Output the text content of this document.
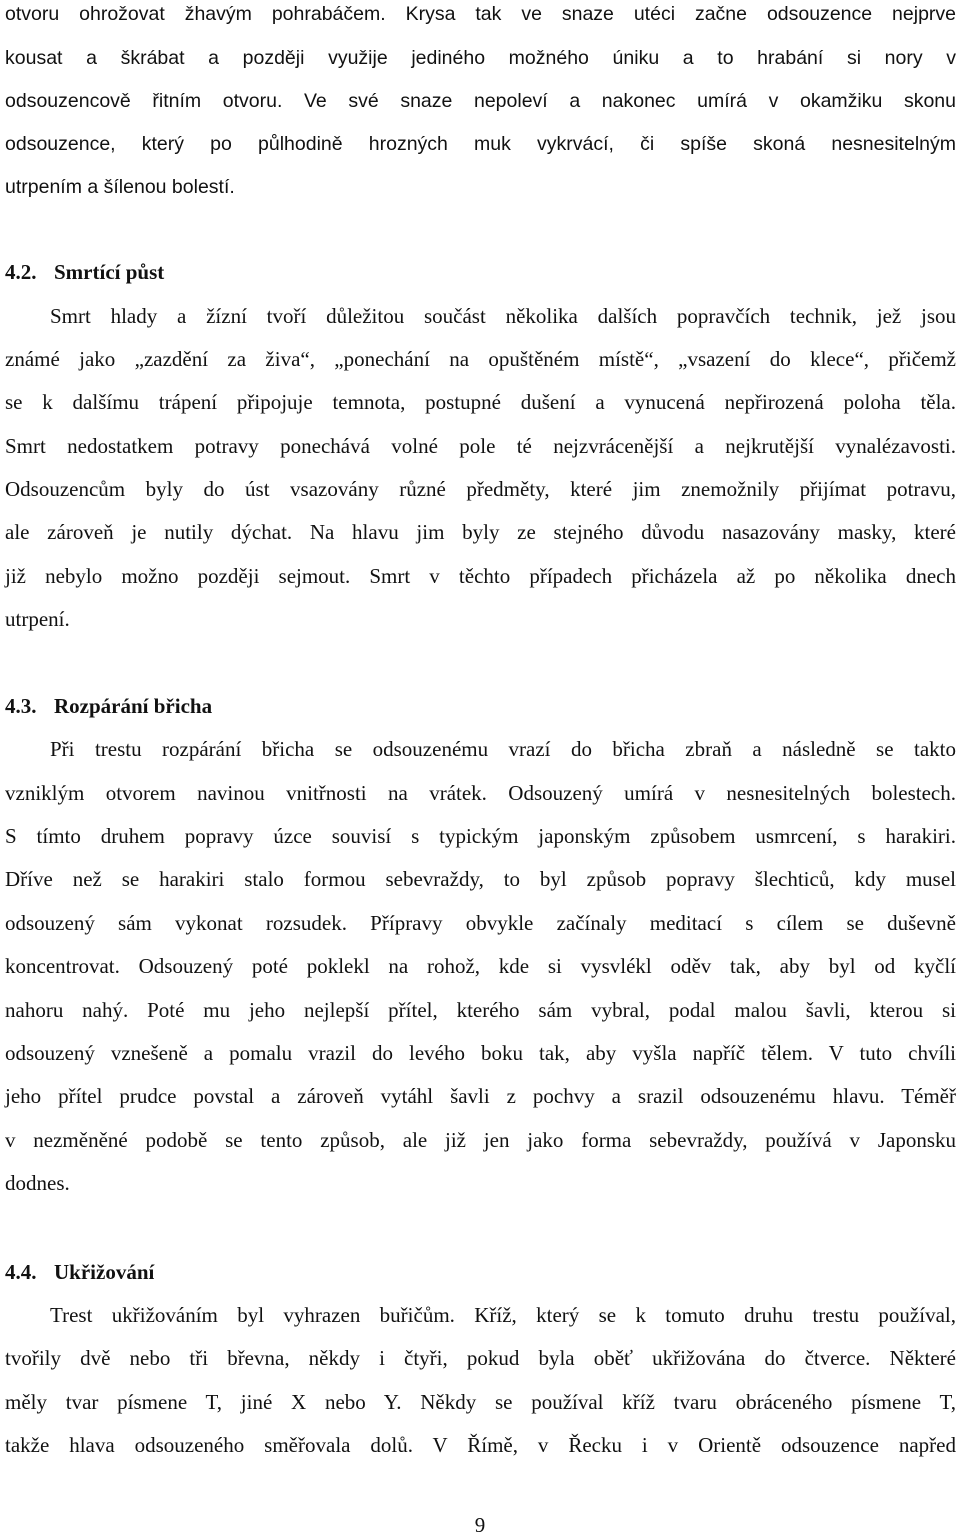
otvoru ohrožovat žhavým pohrabáčem. Krysa tak ve snaze utéci začne odsouzence nejprve
kousat a škrábat a později využije jediného možného úniku a to hrabání si nory v
odsouzencově řitním otvoru. Ve své snaze nepoleví a nakonec umírá v okamžiku skonu
odsouzence, který po půlhodině hrozných muk vykrvácí, či spíše skoná nesnesitelným
utrpením a šílenou bolestí.
4.2. Smrtící půst
Smrt hlady a žízní tvoří důležitou součást několika dalších popravčích technik, jež jsou
známé jako „zazdění za živa“, „ponechání na opuštěném místě“, „vsazení do klece“, přičemž
se k dalšímu trápení připojuje temnota, postupné dušení a vynucená nepřirozená poloha těla.
Smrt nedostatkem potravy ponechává volné pole té nejzvrácenější a nejkrutější vynalézavosti.
Odsouzencům byly do úst vsazovány různé předměty, které jim znemožnily přijímat potravu,
ale zároveň je nutily dýchat. Na hlavu jim byly ze stejného důvodu nasazovány masky, které
již nebylo možno později sejmout. Smrt v těchto případech přicházela až po několika dnech
utrpení.
4.3. Rozpárání břicha
Při trestu rozpárání břicha se odsouzenému vrazí do břicha zbraň a následně se takto
vzniklým otvorem navinou vnitřnosti na vrátek. Odsouzený umírá v nesnesitelných bolestech.
S tímto druhem popravy úzce souvisí s typickým japonským způsobem usmrcení, s harakiri.
Dříve než se harakiri stalo formou sebevraždy, to byl způsob popravy šlechticů, kdy musel
odsouzený sám vykonat rozsudek. Přípravy obvykle začínaly meditací s cílem se duševně
koncentrovat. Odsouzený poté poklekl na rohož, kde si vysvlékl oděv tak, aby byl od kyčlí
nahoru nahý. Poté mu jeho nejlepší přítel, kterého sám vybral, podal malou šavli, kterou si
odsouzený vznešeně a pomalu vrazil do levého boku tak, aby vyšla napříč tělem. V tuto chvíli
jeho přítel prudce povstal a zároveň vytáhl šavli z pochvy a srazil odsouzenému hlavu. Téměř
v nezměněné podobě se tento způsob, ale již jen jako forma sebevraždy, používá v Japonsku
dodnes.
4.4. Ukřižování
Trest ukřižováním byl vyhrazen buřičům. Kříž, který se k tomuto druhu trestu používal,
tvořily dvě nebo tři břevna, někdy i čtyři, pokud byla oběť ukřižována do čtverce. Některé
měly tvar písmene T, jiné X nebo Y. Někdy se používal kříž tvaru obráceného písmene T,
takže hlava odsouzeného směřovala dolů. V Římě, v Řecku i v Orientě odsouzence napřed
9
